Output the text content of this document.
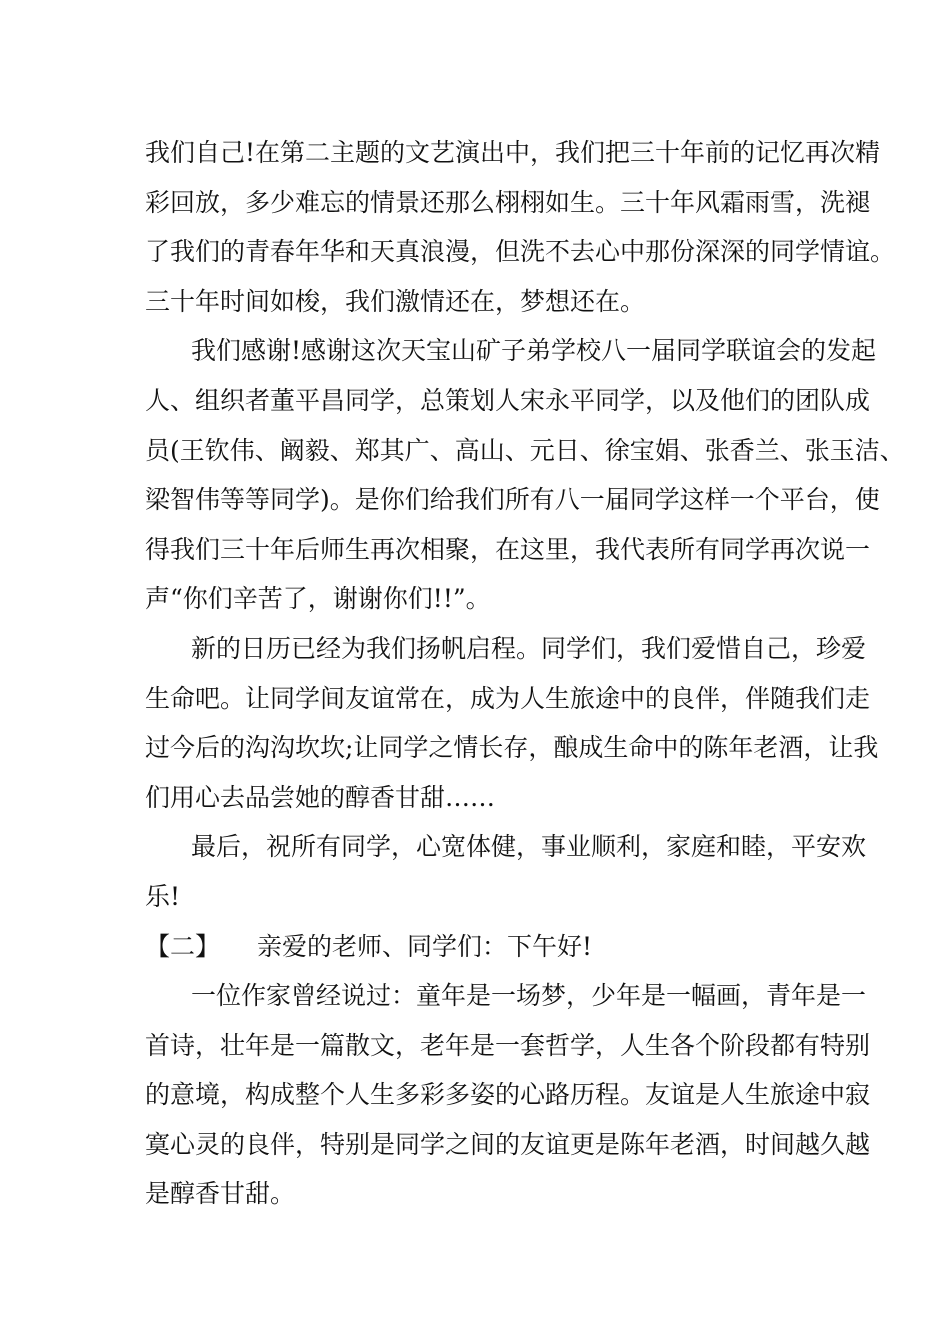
我们自己!在第二主题的文艺演出中，我们把三十年前的记忆再次精
彩回放，多少难忘的情景还那么栩栩如生。三十年风霜雨雪，洗褪
了我们的青春年华和天真浪漫，但洗不去心中那份深深的同学情谊。
三十年时间如梭，我们激情还在，梦想还在。
我们感谢!感谢这次天宝山矿子弟学校八一届同学联谊会的发起
人、组织者董平昌同学，总策划人宋永平同学，以及他们的团队成
员(王钦伟、阚毅、郑其广、高山、元日、徐宝娟、张香兰、张玉洁、
梁智伟等等同学)。是你们给我们所有八一届同学这样一个平台，使
得我们三十年后师生再次相聚，在这里，我代表所有同学再次说一
声“你们辛苦了，谢谢你们!!”。
新的日历已经为我们扬帆启程。同学们，我们爱惜自己，珍爱
生命吧。让同学间友谊常在，成为人生旅途中的良伴，伴随我们走
过今后的沟沟坎坎;让同学之情长存，酿成生命中的陈年老酒，让我
们用心去品尝她的醇香甘甜……
最后，祝所有同学，心宽体健，事业顺利，家庭和睦，平安欢
乐!
【二】 亲爱的老师、同学们：下午好!
一位作家曾经说过：童年是一场梦，少年是一幅画，青年是一
首诗，壮年是一篇散文，老年是一套哲学，人生各个阶段都有特别
的意境，构成整个人生多彩多姿的心路历程。友谊是人生旅途中寂
寞心灵的良伴，特别是同学之间的友谊更是陈年老酒，时间越久越
是醇香甘甜。
